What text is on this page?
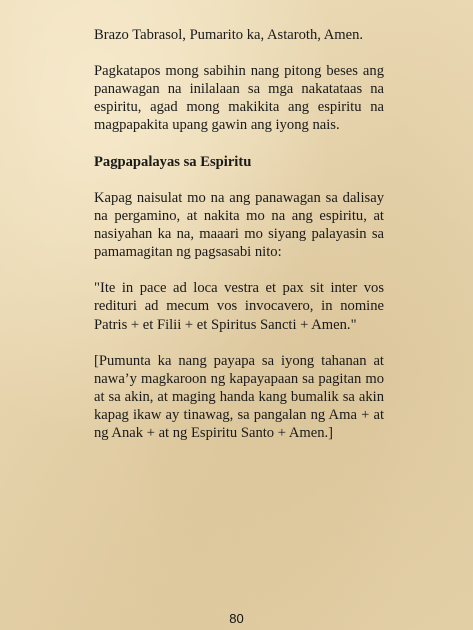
Brazo Tabrasol, Pumarito ka, Astaroth, Amen.

Pagkatapos mong sabihin nang pitong beses ang panawagan na inilalaan sa mga nakatataas na espiritu, agad mong makikita ang espiritu na magpapakita upang gawin ang iyong nais.

Pagpapalayas sa Espiritu

Kapag naisulat mo na ang panawagan sa dalisay na pergamino, at nakita mo na ang espiritu, at nasiyahan ka na, maaari mo siyang palayasin sa pamamagitan ng pagsasabi nito:

"Ite in pace ad loca vestra et pax sit inter vos redituri ad mecum vos invocavero, in nomine Patris + et Filii + et Spiritus Sancti + Amen."

[Pumunta ka nang payapa sa iyong tahanan at nawa’y magkaroon ng kapayapaan sa pagitan mo at sa akin, at maging handa kang bumalik sa akin kapag ikaw ay tinawag, sa pangalan ng Ama + at ng Anak + at ng Espiritu Santo + Amen.]

80
